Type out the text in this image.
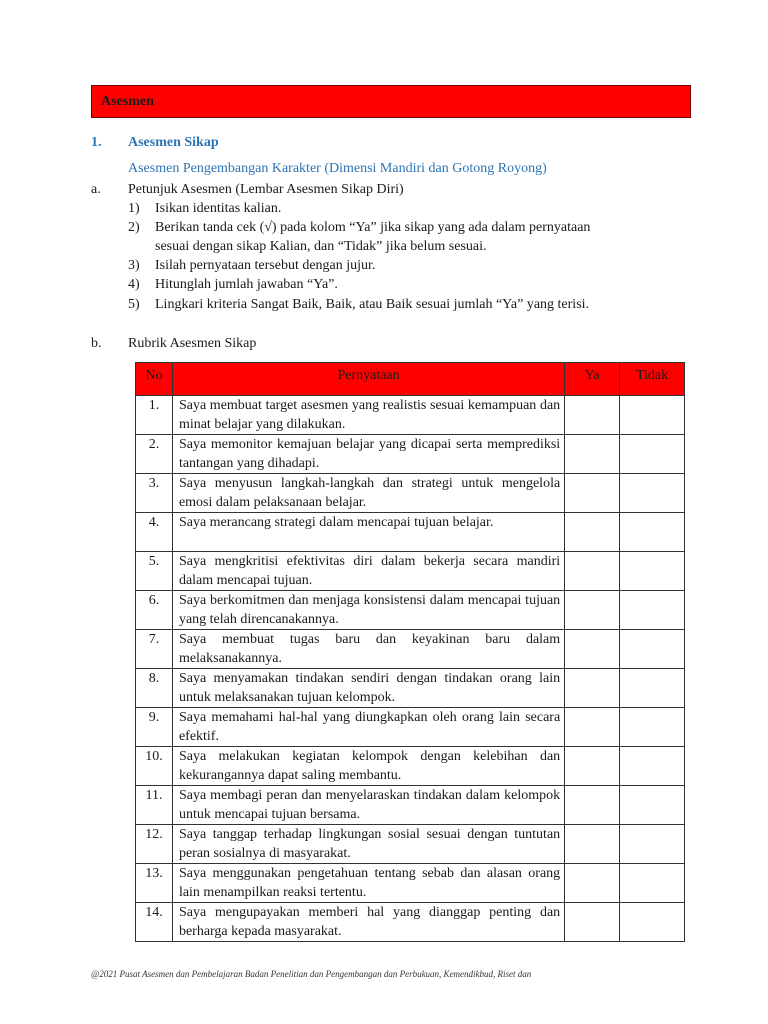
Asesmen
1. Asesmen Sikap
Asesmen Pengembangan Karakter (Dimensi Mandiri dan Gotong Royong)
a. Petunjuk Asesmen (Lembar Asesmen Sikap Diri)
1) Isikan identitas kalian.
2) Berikan tanda cek (√) pada kolom “Ya” jika sikap yang ada dalam pernyataan
sesuai dengan sikap Kalian, dan “Tidak” jika belum sesuai.
3) Isilah pernyataan tersebut dengan jujur.
4) Hitunglah jumlah jawaban “Ya”.
5) Lingkari kriteria Sangat Baik, Baik, atau Baik sesuai jumlah “Ya” yang terisi.
b. Rubrik Asesmen Sikap
No	Pernyataan	Ya	Tidak
1.	Saya membuat target asesmen yang realistis sesuai kemampuan dan minat belajar yang dilakukan.		
2.	Saya memonitor kemajuan belajar yang dicapai serta memprediksi tantangan yang dihadapi.		
3.	Saya menyusun langkah-langkah dan strategi untuk mengelola emosi dalam pelaksanaan belajar.		
4.	Saya merancang strategi dalam mencapai tujuan belajar.		
5.	Saya mengkritisi efektivitas diri dalam bekerja secara mandiri dalam mencapai tujuan.		
6.	Saya berkomitmen dan menjaga konsistensi dalam mencapai tujuan yang telah direncanakannya.		
7.	Saya membuat tugas baru dan keyakinan baru dalam melaksanakannya.		
8.	Saya menyamakan tindakan sendiri dengan tindakan orang lain untuk melaksanakan tujuan kelompok.		
9.	Saya memahami hal-hal yang diungkapkan oleh orang lain secara efektif.		
10.	Saya melakukan kegiatan kelompok dengan kelebihan dan kekurangannya dapat saling membantu.		
11.	Saya membagi peran dan menyelaraskan tindakan dalam kelompok untuk mencapai tujuan bersama.		
12.	Saya tanggap terhadap lingkungan sosial sesuai dengan tuntutan peran sosialnya di masyarakat.		
13.	Saya menggunakan pengetahuan tentang sebab dan alasan orang lain menampilkan reaksi tertentu.		
14.	Saya mengupayakan memberi hal yang dianggap penting dan berharga kepada masyarakat.		
@2021 Pusat Asesmen dan Pembelajaran Badan Penelitian dan Pengembangan dan Perbukuan, Kemendikbud, Riset dan
